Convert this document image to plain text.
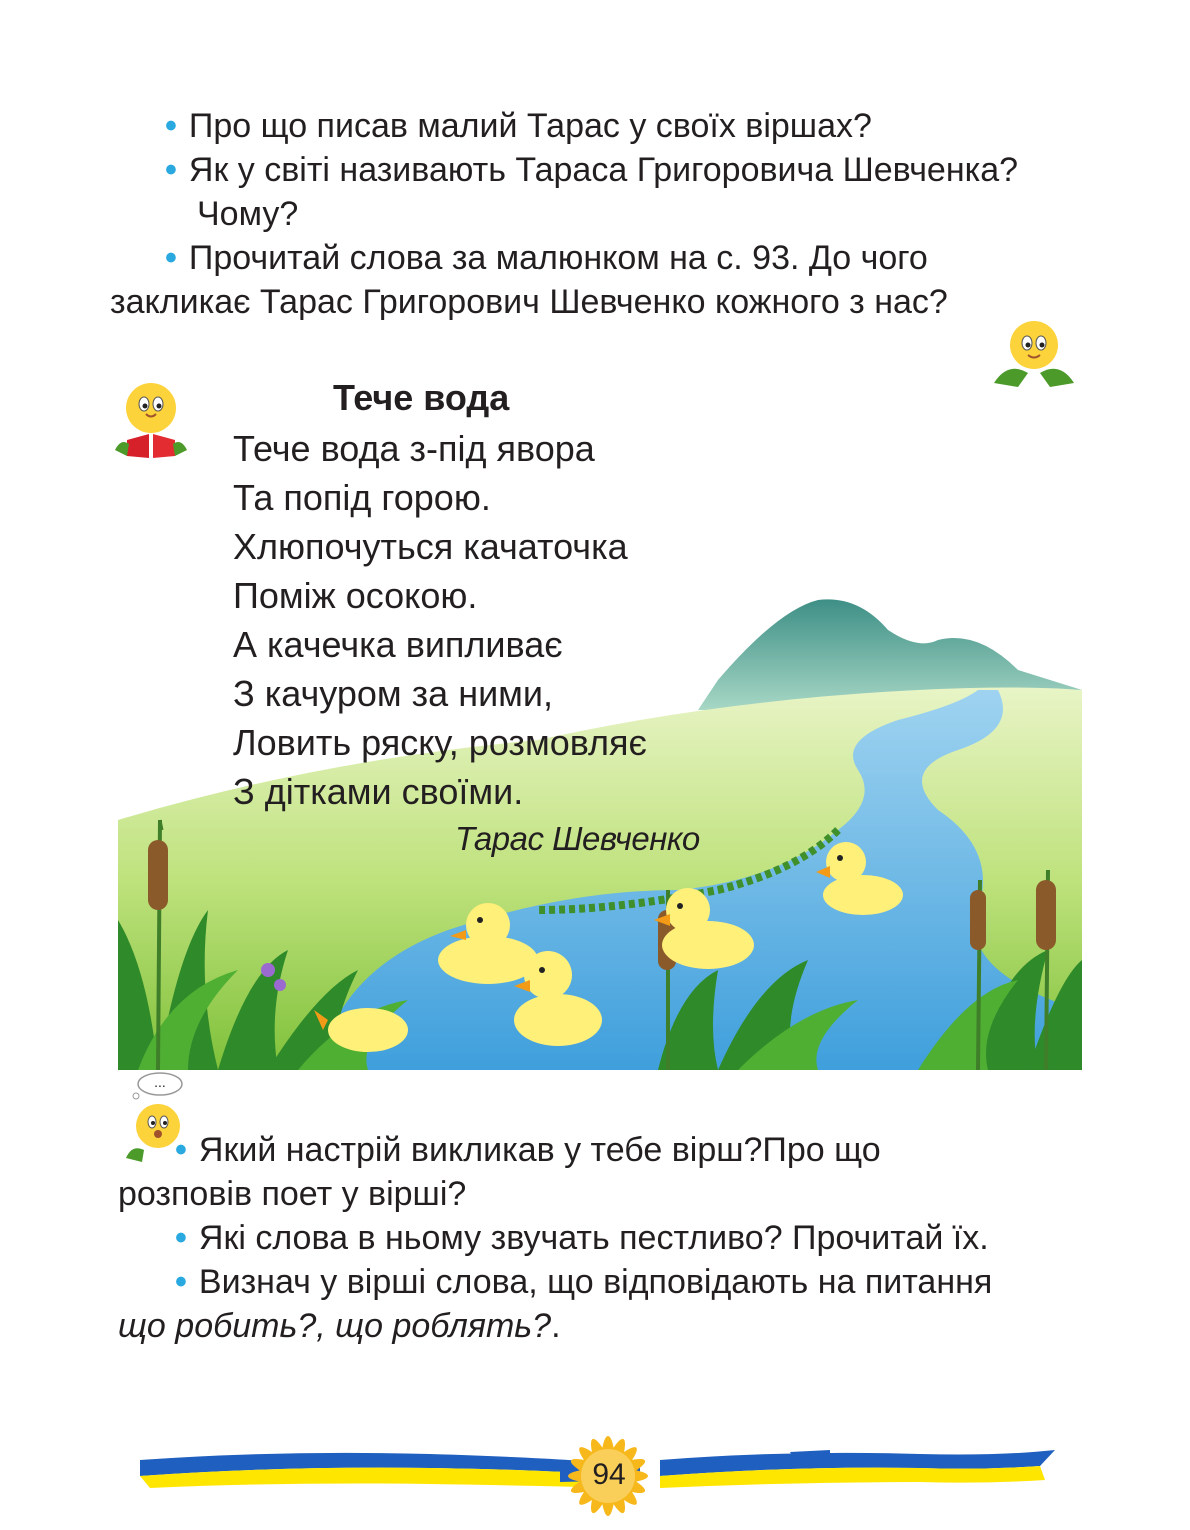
• Про що писав малий Тарас у своїх віршах?
• Як у світі називають Тараса Григоровича Шевченка?
Чому?
• Прочитай слова за малюнком на с. 93. До чого
закликає Тарас Григорович Шевченко кожного з нас?
Тече вода
Тече вода з-під явора
Та попід горою.
Хлюпочуться качаточка
Поміж осокою.
А качечка випливає
З качуром за ними,
Ловить ряску, розмовляє
З дітками своїми.
Тарас Шевченко
...
• Який настрій викликав у тебе вірш?Про що
розповів поет у вірші?
• Які слова в ньому звучать пестливо? Прочитай їх.
• Визнач у вірші слова, що відповідають на питання
що робить?, що роблять?.
94
